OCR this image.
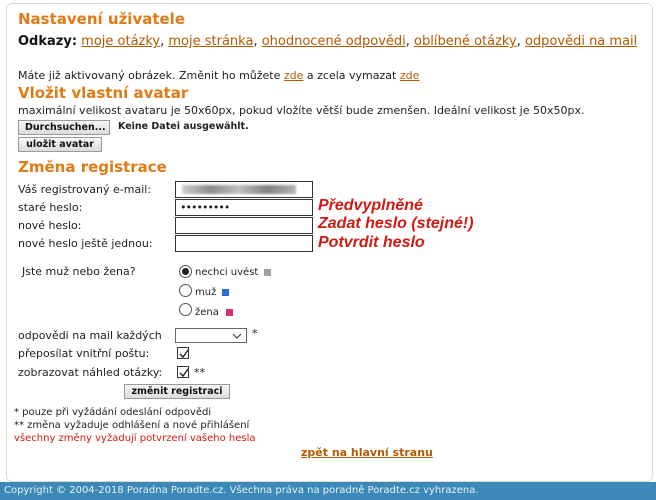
Nastavení uživatele
Odkazy: moje otázky, moje stránka, ohodnocené odpovědi, oblíbené otázky, odpovědi na mail
Máte již aktivovaný obrázek. Změnit ho můžete zde a zcela vymazat zde
Vložit vlastní avatar
maximální velikost avataru je 50x60px, pokud vložíte větší bude zmenšen. Ideální velikost je 50x50px.
Durchsuchen...	Keine Datei ausgewählt.
uložit avatar
Změna registrace
Váš registrovaný e-mail:
staré heslo:	•••••••••	Předvyplněné
nové heslo:	Zadat heslo (stejné!)
nové heslo ještě jednou:	Potvrdit heslo
Jste muž nebo žena?	nechci uvést
muž
žena
odpovědi na mail každých	*
přeposílat vnitřní poštu:
zobrazovat náhled otázky:	**
změnit registraci
* pouze při vyžádání odeslání odpovědi
** změna vyžaduje odhlášení a nové přihlášení
všechny změny vyžadují potvrzení vašeho hesla
zpět na hlavní stranu
Copyright © 2004-2018 Poradna Poradte.cz. Všechna práva na poradně Poradte.cz vyhrazena.
